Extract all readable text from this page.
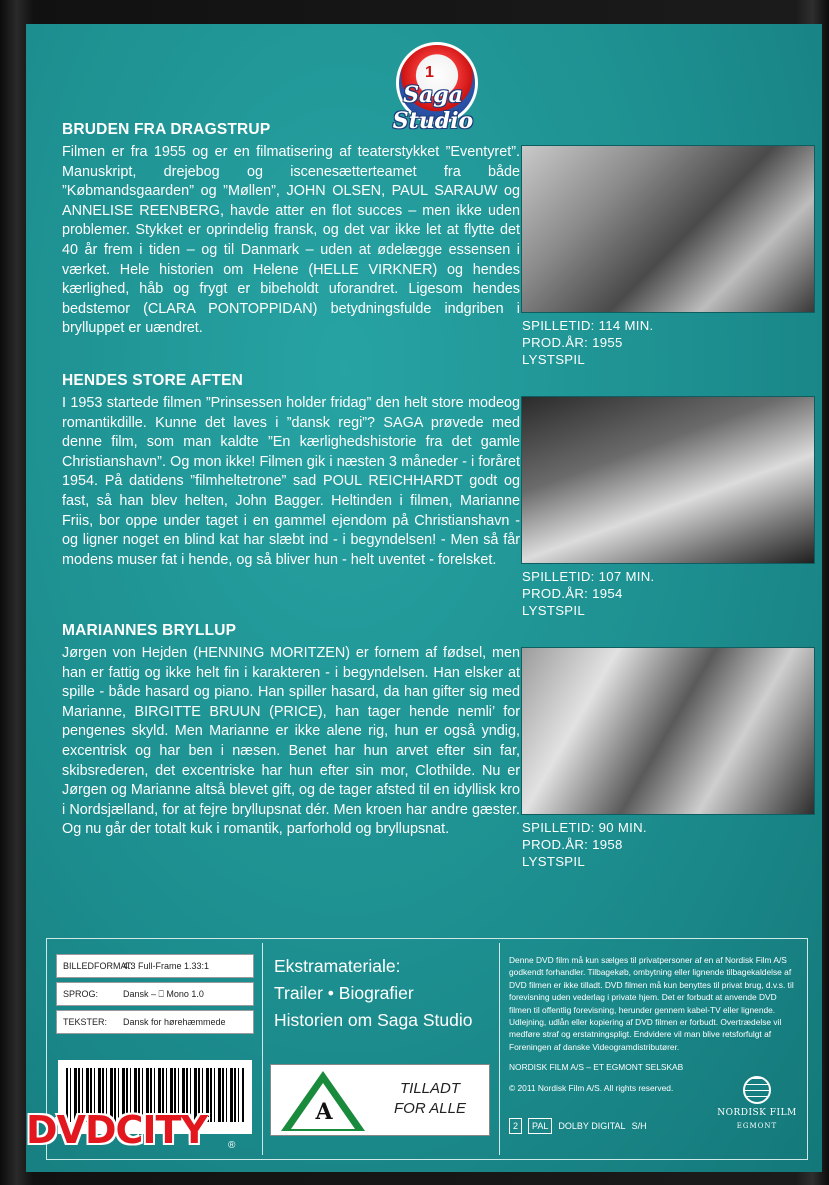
1
Saga Studio
BRUDEN FRA DRAGSTRUP
Filmen er fra 1955 og er en filmatisering af teaterstykket ”Eventyret”. Manuskript, drejebog og iscenesætterteamet fra både ”Købmandsgaarden” og ”Møllen”, JOHN OLSEN, PAUL SARAUW og ANNELISE REENBERG, havde atter en flot succes – men ikke uden problemer. Stykket er oprindelig fransk, og det var ikke let at flytte det 40 år frem i tiden – og til Danmark – uden at ødelægge essensen i værket. Hele historien om Helene (HELLE VIRKNER) og hendes kærlighed, håb og frygt er bibeholdt uforandret. Ligesom hendes bedstemor (CLARA PONTOPPIDAN) betydningsfulde indgriben i brylluppet er uændret.	SPILLETID: 114 MIN.
PROD.ÅR: 1955
LYSTSPIL
HENDES STORE AFTEN
I 1953 startede filmen ”Prinsessen holder fridag” den helt store modeog romantikdille. Kunne det laves i ”dansk regi”? SAGA prøvede med denne film, som man kaldte ”En kærlighedshistorie fra det gamle Christianshavn”. Og mon ikke! Filmen gik i næsten 3 måneder - i foråret 1954. På datidens ”filmheltetrone” sad POUL REICHHARDT godt og fast, så han blev helten, John Bagger. Heltinden i filmen, Marianne Friis, bor oppe under taget i en gammel ejendom på Christianshavn - og ligner noget en blind kat har slæbt ind - i begyndelsen! - Men så får modens muser fat i hende, og så bliver hun - helt uventet - forelsket.
SPILLETID: 107 MIN.
PROD.ÅR: 1954
LYSTSPIL
MARIANNES BRYLLUP
Jørgen von Hejden (HENNING MORITZEN) er fornem af fødsel, men han er fattig og ikke helt fin i karakteren - i begyndelsen. Han elsker at spille - både hasard og piano. Han spiller hasard, da han gifter sig med Marianne, BIRGITTE BRUUN (PRICE), han tager hende nemli’ for pengenes skyld. Men Marianne er ikke alene rig, hun er også yndig, excentrisk og har ben i næsen. Benet har hun arvet efter sin far, skibsrederen, det excentriske har hun efter sin mor, Clothilde. Nu er Jørgen og Marianne altså blevet gift, og de tager afsted til en idyllisk kro i Nordsjælland, for at fejre bryllupsnat dér. Men kroen har andre gæster. Og nu går der totalt kuk i romantik, parforhold og bryllupsnat.	SPILLETID: 90 MIN.
PROD.ÅR: 1958
LYSTSPIL
BILLEDFORMAT:
4.3 Full-Frame 1.33:1
SPROG:	Dansk – ⎕ Mono 1.0
TEKSTER:	Dansk for hørehæmmede
Ekstramateriale:
Trailer • Biografier
Historien om Saga Studio
A
TILLADT
FOR ALLE

Denne DVD film må kun sælges til privatpersoner af en af Nordisk Film A/S godkendt forhandler. Tilbagekøb, ombytning eller lignende tilbagekaldelse af DVD filmen er ikke tilladt. DVD filmen må kun benyttes til privat brug, d.v.s. til forevisning uden vederlag i private hjem. Det er forbudt at anvende DVD filmen til offentlig forevisning, herunder gennem kabel-TV eller lignende. Udlejning, udlån eller kopiering af DVD filmen er forbudt. Overtrædelse vil medføre straf og erstatningspligt. Endvidere vil man blive retsforfulgt af Foreningen af danske Videogramdistributører.

NORDISK FILM A/S – ET EGMONT SELSKAB

© 2011 Nordisk Film A/S. All rights reserved.

2	PAL	DOLBY DIGITAL S/H
NORDISK FILM
EGMONT
DVDCITY ®
